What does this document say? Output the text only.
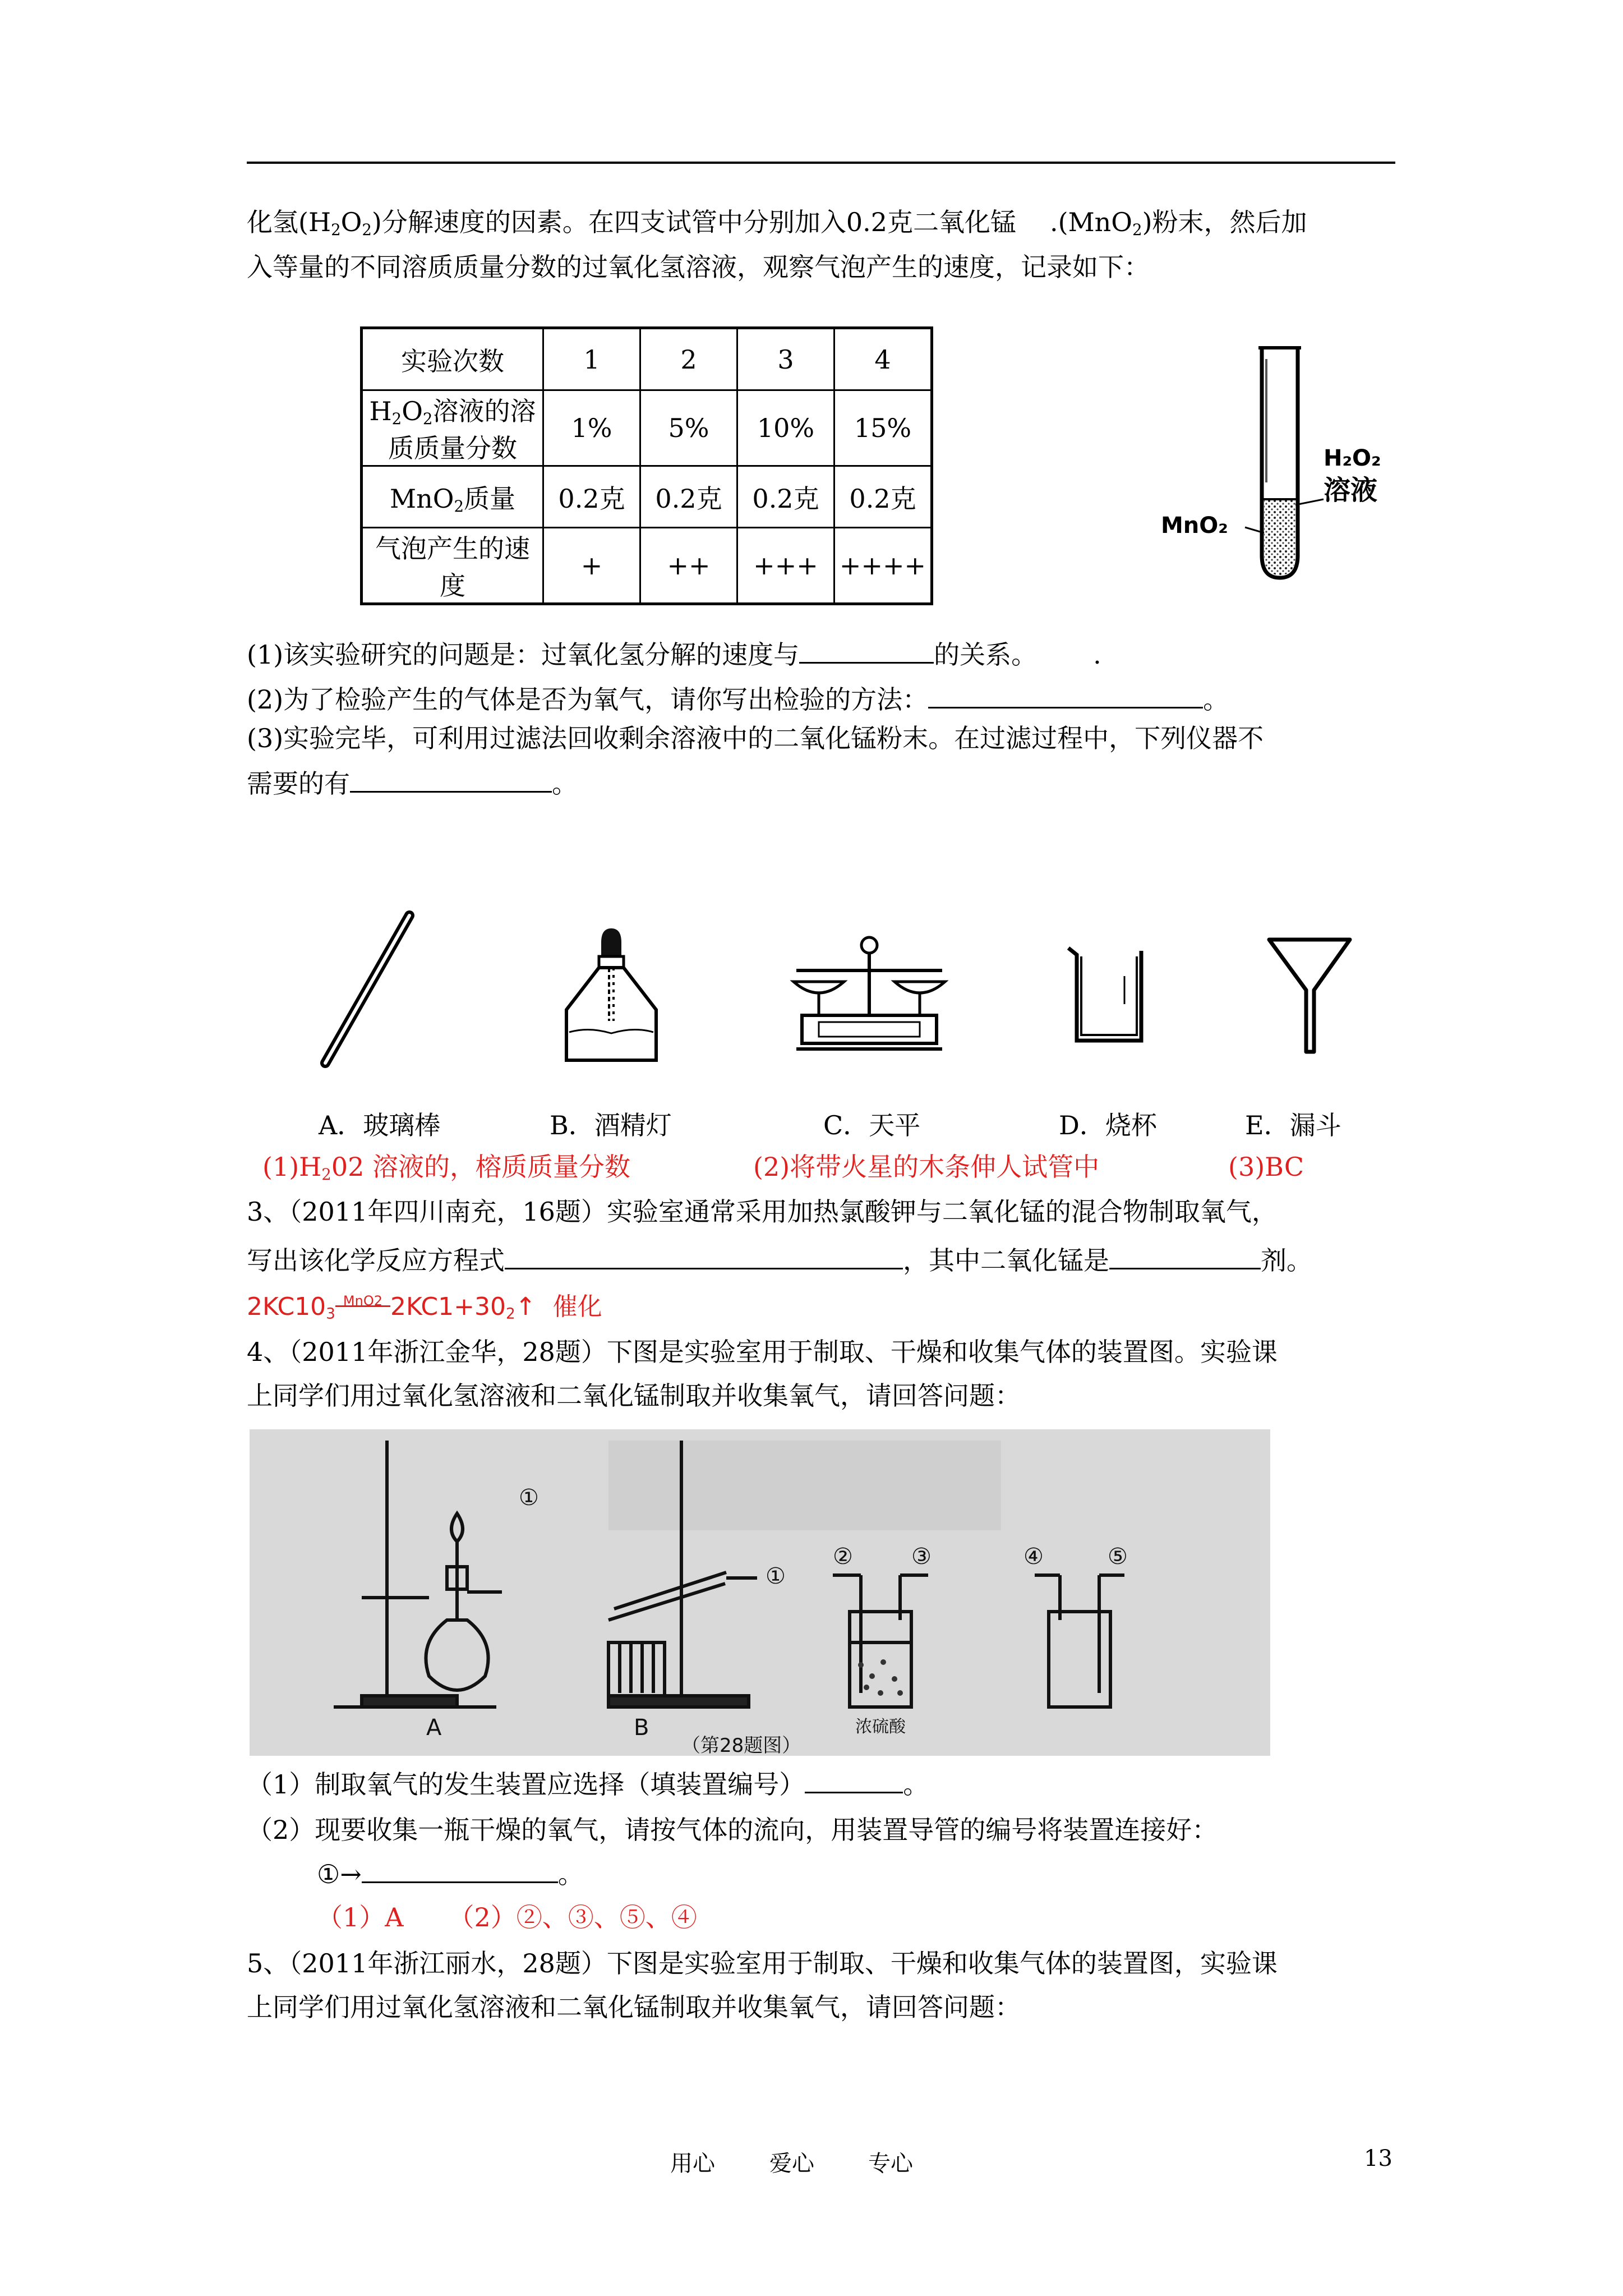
化氢$(H_2O_2)$分解速度的因素。在四支试管中分别加入0.2克二氧化锰 .(MnO$_2$)粉末，然后加
入等量的不同溶质质量分数的过氧化氢溶液，观察气泡产生的速度，记录如下：
实验次数	1	2	3	4
$H_2O_2$溶液的溶质质量分数	1%	5%	10%	15%
MnO$_2$质量	0.2克	0.2克	0.2克	0.2克
气泡产生的速度	+	++	+++	++++
H₂O₂
溶液
MnO₂
(1)该实验研究的问题是：过氧化氢分解的速度与	的关系。 .
(2)为了检验产生的气体是否为氧气，请你写出检验的方法：	。
(3)实验完毕，可利用过滤法回收剩余溶液中的二氧化锰粉末。在过滤过程中，下列仪器不
需要的有	。
A．玻璃棒	B．酒精灯	C．天平	D．烧杯	E．漏斗
$(1)H_202$ 溶液的，榕质质量分数	(2)将带火星的木条伸人试管中	(3)BC
3、（2011年四川南充，16题）实验室通常采用加热氯酸钾与二氧化锰的混合物制取氧气，
写出该化学反应方程式	，其中二氧化锰是	剂。
$2KC10_3$
MnO2 $2KC1+30_2↑$ 催化
4、（2011年浙江金华，28题）下图是实验室用于制取、干燥和收集气体的装置图。实验课
上同学们用过氧化氢溶液和二氧化锰制取并收集氧气，请回答问题：
①
①
②	③	④	⑤
A	B	浓硫酸
（第28题图）
（1）制取氧气的发生装置应选择（填装置编号）	。
（2）现要收集一瓶干燥的氧气，请按气体的流向，用装置导管的编号将装置连接好：
①→	。
（1）A （2）②、③、⑤、④
5、（2011年浙江丽水，28题）下图是实验室用于制取、干燥和收集气体的装置图，实验课
上同学们用过氧化氢溶液和二氧化锰制取并收集氧气，请回答问题：
用心 爱心 专心	13
